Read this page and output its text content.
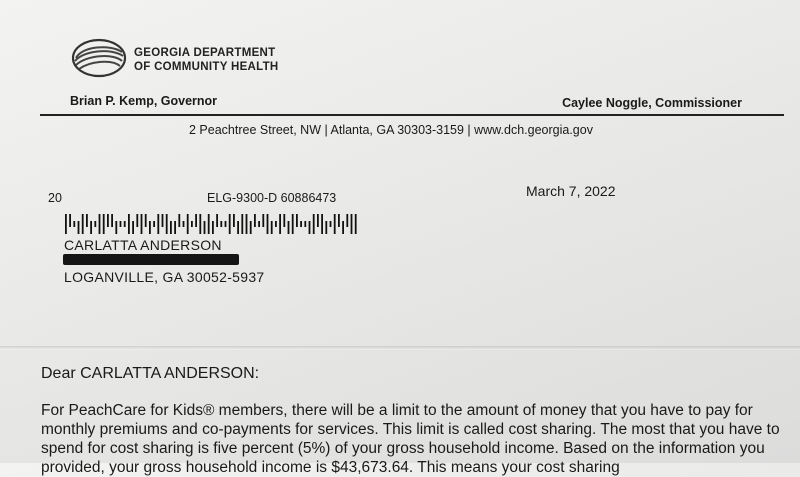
GEORGIA DEPARTMENT
OF COMMUNITY HEALTH
Brian P. Kemp, Governor	Caylee Noggle, Commissioner
2 Peachtree Street, NW | Atlanta, GA 30303-3159 | www.dch.georgia.gov
20	ELG-9300-D 60886473	March 7, 2022
CARLATTA ANDERSON
LOGANVILLE, GA 30052-5937
Dear CARLATTA ANDERSON:

For PeachCare for Kids® members, there will be a limit to the amount of money that you have to pay for monthly premiums and co-payments for services. This limit is called cost sharing. The most that you have to spend for cost sharing is five percent (5%) of your gross household income. Based on the information you provided, your gross household income is $43,673.64. This means your cost sharing
